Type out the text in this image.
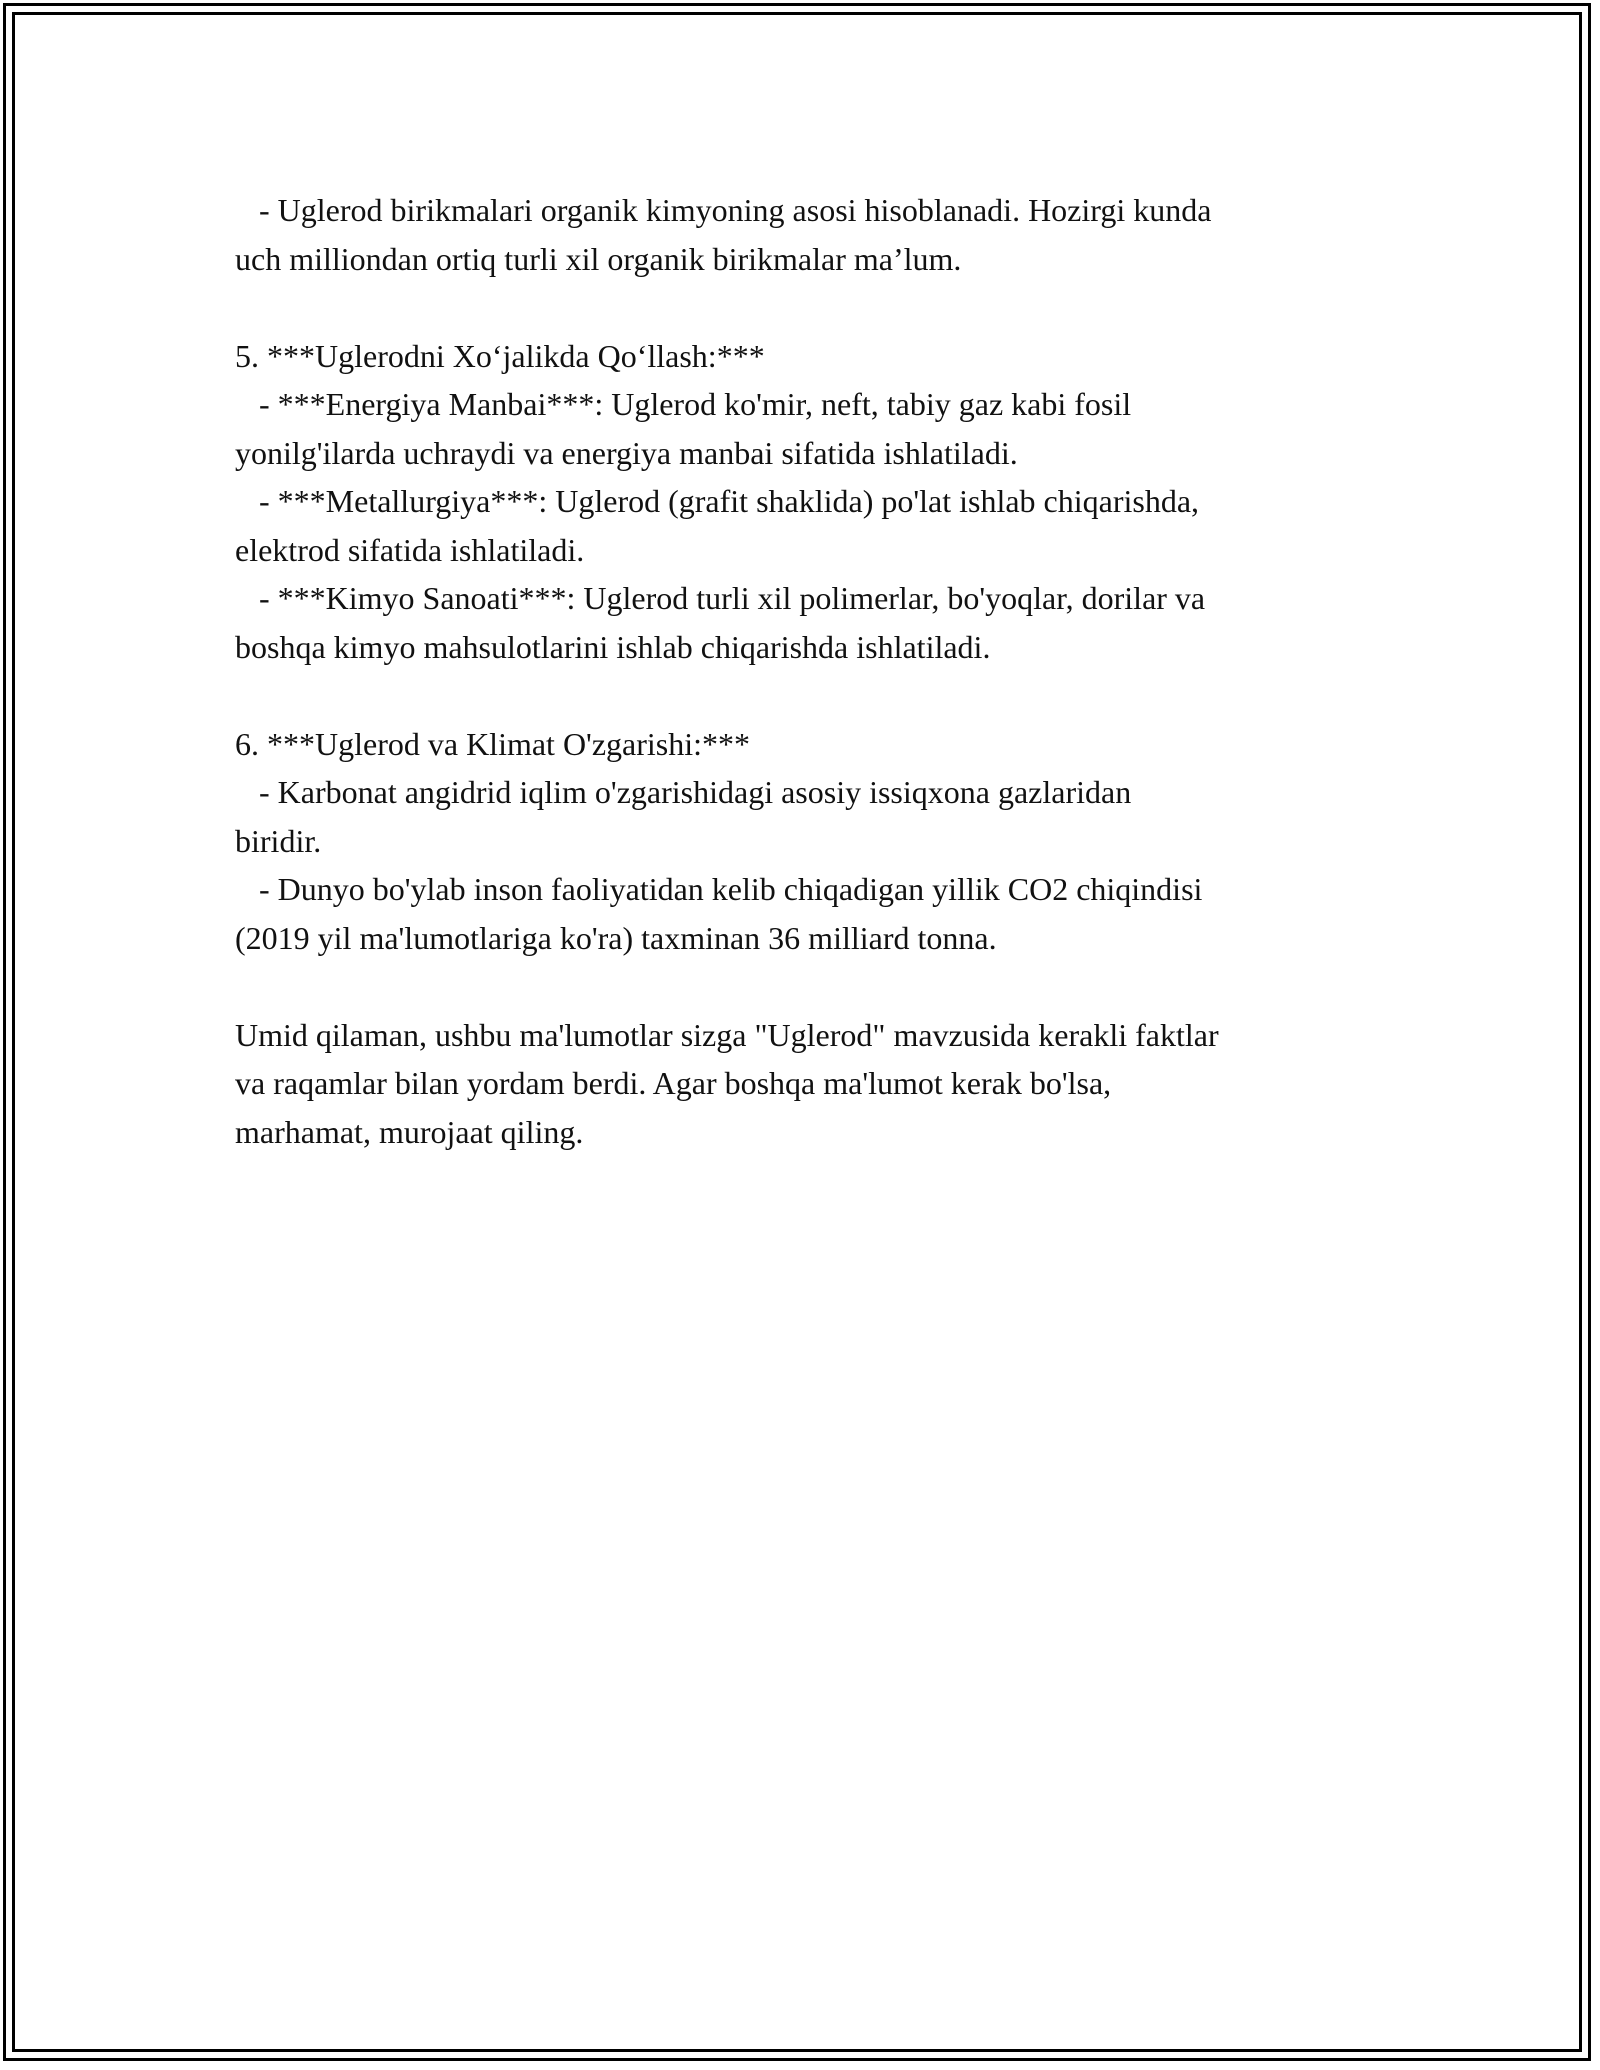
- Uglerod birikmalari organik kimyoning asosi hisoblanadi. Hozirgi kunda
uch milliondan ortiq turli xil organik birikmalar ma’lum.
5. ***Uglerodni Xo‘jalikda Qo‘llash:***
- ***Energiya Manbai***: Uglerod ko'mir, neft, tabiy gaz kabi fosil
yonilg'ilarda uchraydi va energiya manbai sifatida ishlatiladi.
- ***Metallurgiya***: Uglerod (grafit shaklida) po'lat ishlab chiqarishda,
elektrod sifatida ishlatiladi.
- ***Kimyo Sanoati***: Uglerod turli xil polimerlar, bo'yoqlar, dorilar va
boshqa kimyo mahsulotlarini ishlab chiqarishda ishlatiladi.
6. ***Uglerod va Klimat O'zgarishi:***
- Karbonat angidrid iqlim o'zgarishidagi asosiy issiqxona gazlaridan
biridir.
- Dunyo bo'ylab inson faoliyatidan kelib chiqadigan yillik CO2 chiqindisi
(2019 yil ma'lumotlariga ko'ra) taxminan 36 milliard tonna.
Umid qilaman, ushbu ma'lumotlar sizga "Uglerod" mavzusida kerakli faktlar
va raqamlar bilan yordam berdi. Agar boshqa ma'lumot kerak bo'lsa,
marhamat, murojaat qiling.
